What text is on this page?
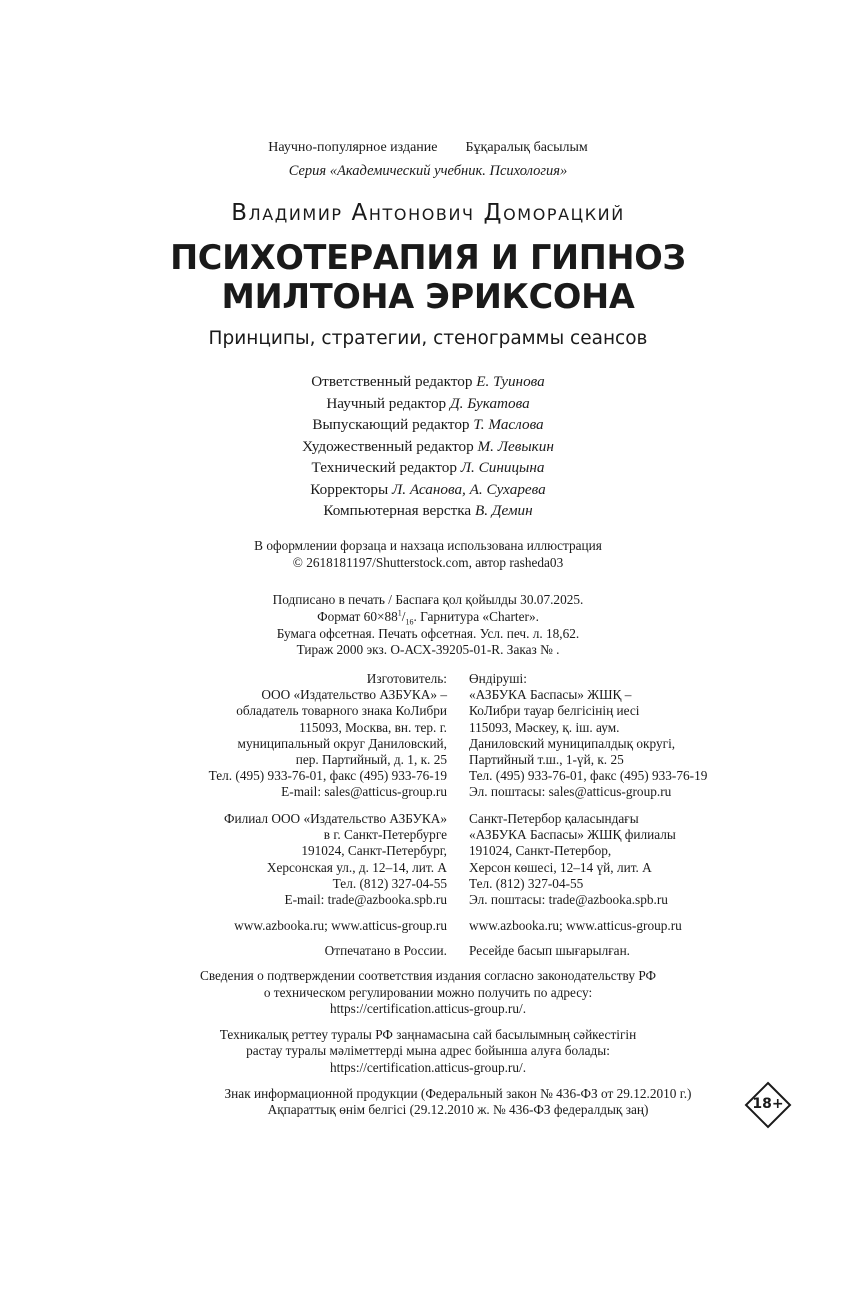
Научно-популярное издание Бұқаралық басылым
Серия «Академический учебник. Психология»
Владимир Антонович Доморацкий
ПСИХОТЕРАПИЯ И ГИПНОЗ
МИЛТОНА ЭРИКСОНА
Принципы, стратегии, стенограммы сеансов
Ответственный редактор Е. Туинова
Научный редактор Д. Букатова
Выпускающий редактор Т. Маслова
Художественный редактор М. Левыкин
Технический редактор Л. Синицына
Корректоры Л. Асанова, А. Сухарева
Компьютерная верстка В. Демин
В оформлении форзаца и нахзаца использована иллюстрация
© 2618181197/Shutterstock.com, автор rasheda03
Подписано в печать / Баспаға қол қойылды 30.07.2025.
Формат $60\times 88^1/_{16}$. Гарнитура «Charter».
Бумага офсетная. Печать офсетная. Усл. печ. л. 18,62.
Тираж 2000 экз. О-АСХ-39205-01-R. Заказ № .
Изготовитель:
ООО «Издательство АЗБУКА» –
обладатель товарного знака КоЛибри
115093, Москва, вн. тер. г.
муниципальный округ Даниловский,
пер. Партийный, д. 1, к. 25
Тел. (495) 933-76-01, факс (495) 933-76-19
E-mail: sales@atticus-group.ru
Өндіруші:
«АЗБУКА Баспасы» ЖШҚ –
КоЛибри тауар белгісінің иесі
115093, Мәскеу, қ. іш. аум.
Даниловский муниципалдық округі,
Партийный т.ш., 1-үй, к. 25
Тел. (495) 933-76-01, факс (495) 933-76-19
Эл. поштасы: sales@atticus-group.ru
Филиал ООО «Издательство АЗБУКА»
в г. Санкт-Петербурге
191024, Санкт-Петербург,
Херсонская ул., д. 12–14, лит. А
Тел. (812) 327-04-55
E-mail: trade@azbooka.spb.ru
Санкт-Петербор қаласындағы
«АЗБУКА Баспасы» ЖШҚ филиалы
191024, Санкт-Петербор,
Херсон көшесі, 12–14 үй, лит. А
Тел. (812) 327-04-55
Эл. поштасы: trade@azbooka.spb.ru
www.azbooka.ru; www.atticus-group.ru www.azbooka.ru; www.atticus-group.ru
Отпечатано в России. Ресейде басып шығарылған.
Сведения о подтверждении соответствия издания согласно законодательству РФ
о техническом регулировании можно получить по адресу:
https://certification.atticus-group.ru/.
Техникалық реттеу туралы РФ заңнамасына сай басылымның сәйкестігін
растау туралы мәліметтерді мына адрес бойынша алуға болады:
https://certification.atticus-group.ru/.
Знак информационной продукции (Федеральный закон № 436-ФЗ от 29.12.2010 г.)
Ақпараттық өнім белгісі (29.12.2010 ж. № 436-ФЗ федералдық заң)	18+
